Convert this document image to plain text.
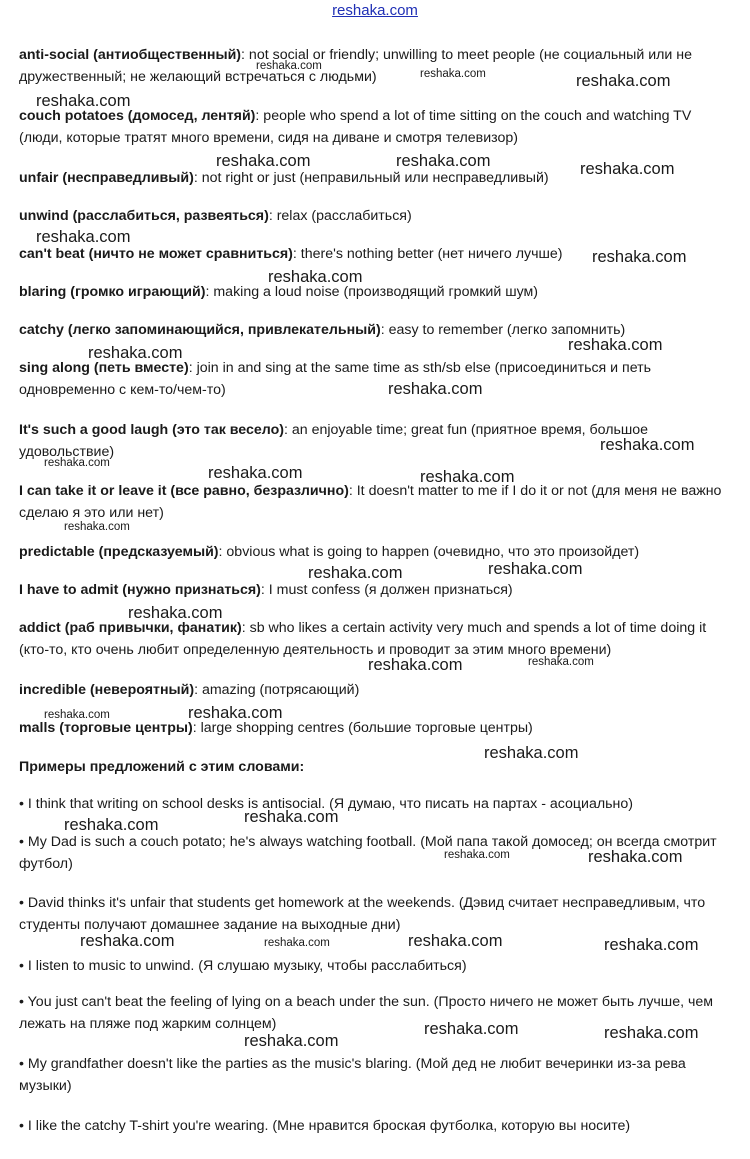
reshaka.com
anti-social (антиобщественный): not social or friendly; unwilling to meet people (не социальный или не дружественный; не желающий встречаться с людьми)
couch potatoes (домосед, лентяй): people who spend a lot of time sitting on the couch and watching TV (люди, которые тратят много времени, сидя на диване и смотря телевизор)
unfair (несправедливый): not right or just (неправильный или несправедливый)
unwind (расслабиться, развеяться): relax (расслабиться)
can't beat (ничто не может сравниться): there's nothing better (нет ничего лучше)
blaring (громко играющий): making a loud noise (производящий громкий шум)
catchy (легко запоминающийся, привлекательный): easy to remember (легко запомнить)
sing along (петь вместе): join in and sing at the same time as sth/sb else (присоединиться и петь одновременно с кем-то/чем-то)
It's such a good laugh (это так весело): an enjoyable time; great fun (приятное время, большое удовольствие)
I can take it or leave it (все равно, безразлично): It doesn't matter to me if I do it or not (для меня не важно сделаю я это или нет)
predictable (предсказуемый): obvious what is going to happen (очевидно, что это произойдет)
I have to admit (нужно признаться): I must confess (я должен признаться)
addict (раб привычки, фанатик): sb who likes a certain activity very much and spends a lot of time doing it (кто-то, кто очень любит определенную деятельность и проводит за этим много времени)
incredible (невероятный): amazing (потрясающий)
malls (торговые центры): large shopping centres (большие торговые центры)
Примеры предложений с этим словами:
• I think that writing on school desks is antisocial. (Я думаю, что писать на партах - асоциально)
• My Dad is such a couch potato; he's always watching football. (Мой папа такой домосед; он всегда смотрит футбол)
• David thinks it's unfair that students get homework at the weekends. (Дэвид считает несправедливым, что студенты получают домашнее задание на выходные дни)
• I listen to music to unwind. (Я слушаю музыку, чтобы расслабиться)
• You just can't beat the feeling of lying on a beach under the sun. (Просто ничего не может быть лучше, чем лежать на пляже под жарким солнцем)
• My grandfather doesn't like the parties as the music's blaring. (Мой дед не любит вечеринки из-за рева музыки)
• I like the catchy T-shirt you're wearing. (Мне нравится броская футболка, которую вы носите)
reshaka.com
reshaka.com	reshaka.com
reshaka.com
reshaka.com	reshaka.com	reshaka.com
reshaka.com
reshaka.com
reshaka.com
reshaka.com
reshaka.com
reshaka.com
reshaka.com
reshaka.com
reshaka.com	reshaka.com
reshaka.com
reshaka.com
reshaka.com
reshaka.com
reshaka.com	reshaka.com
reshaka.com	reshaka.com
reshaka.com
reshaka.com
reshaka.com
reshaka.com	reshaka.com
reshaka.com	reshaka.com	reshaka.com	reshaka.com
reshaka.com	reshaka.com
reshaka.com
